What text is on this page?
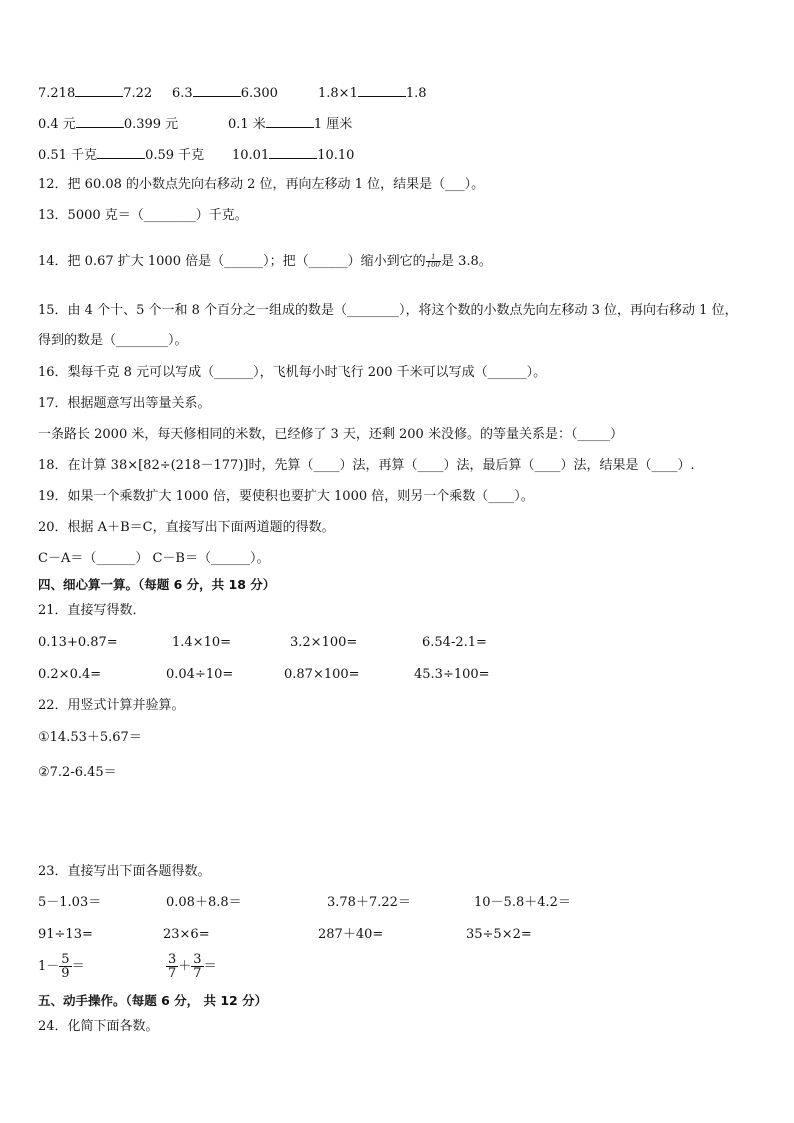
7.218	7.22 6.3	6.300	1.8×1	1.8
0.4 元	0.399 元	0.1 米	1 厘米
0.51 千克	0.59 千克 10.01	10.10
12．把 60.08 的小数点先向右移动 2 位，再向左移动 1 位，结果是（___）。
13．5000 克＝（________）千克。
14．把 0.67 扩大 1000 倍是（______）；把（______）缩小到它的 $\frac{1}{100}$ 是 3.8。
15．由 4 个十、5 个一和 8 个百分之一组成的数是（________），将这个数的小数点先向左移动 3 位，再向右移动 1 位，
得到的数是（________）。
16．梨每千克 8 元可以写成（______），飞机每小时飞行 200 千米可以写成（______）。
17．根据题意写出等量关系。
一条路长 2000 米，每天修相同的米数，已经修了 3 天，还剩 200 米没修。的等量关系是：（_____）
18．在计算 38×[82÷(218－177)]时，先算（____）法，再算（____）法，最后算（____）法，结果是（____）.
19．如果一个乘数扩大 1000 倍，要使积也要扩大 1000 倍，则另一个乘数（____）。
20．根据 A＋B＝C，直接写出下面两道题的得数。
C－A＝（______） C－B＝（______）。
四、细心算一算。（每题 6 分，共 18 分）
21．直接写得数．
0.13+0.87=	1.4×10=	3.2×100=	6.54-2.1=
0.2×0.4=	0.04÷10=	0.87×100=	45.3÷100=
22．用竖式计算并验算。
①14.53＋5.67＝
②7.2-6.45＝
23．直接写出下面各题得数。
5－1.03＝	0.08＋8.8＝	3.78＋7.22＝	10－5.8＋4.2＝
91÷13=	23×6=	287＋40=	35÷5×2=
$1- \frac{5}{9}$ ＝	$\frac{3}{7} + \frac{3}{7}$ ＝
五、动手操作。（每题 6 分， 共 12 分）
24．化简下面各数。
